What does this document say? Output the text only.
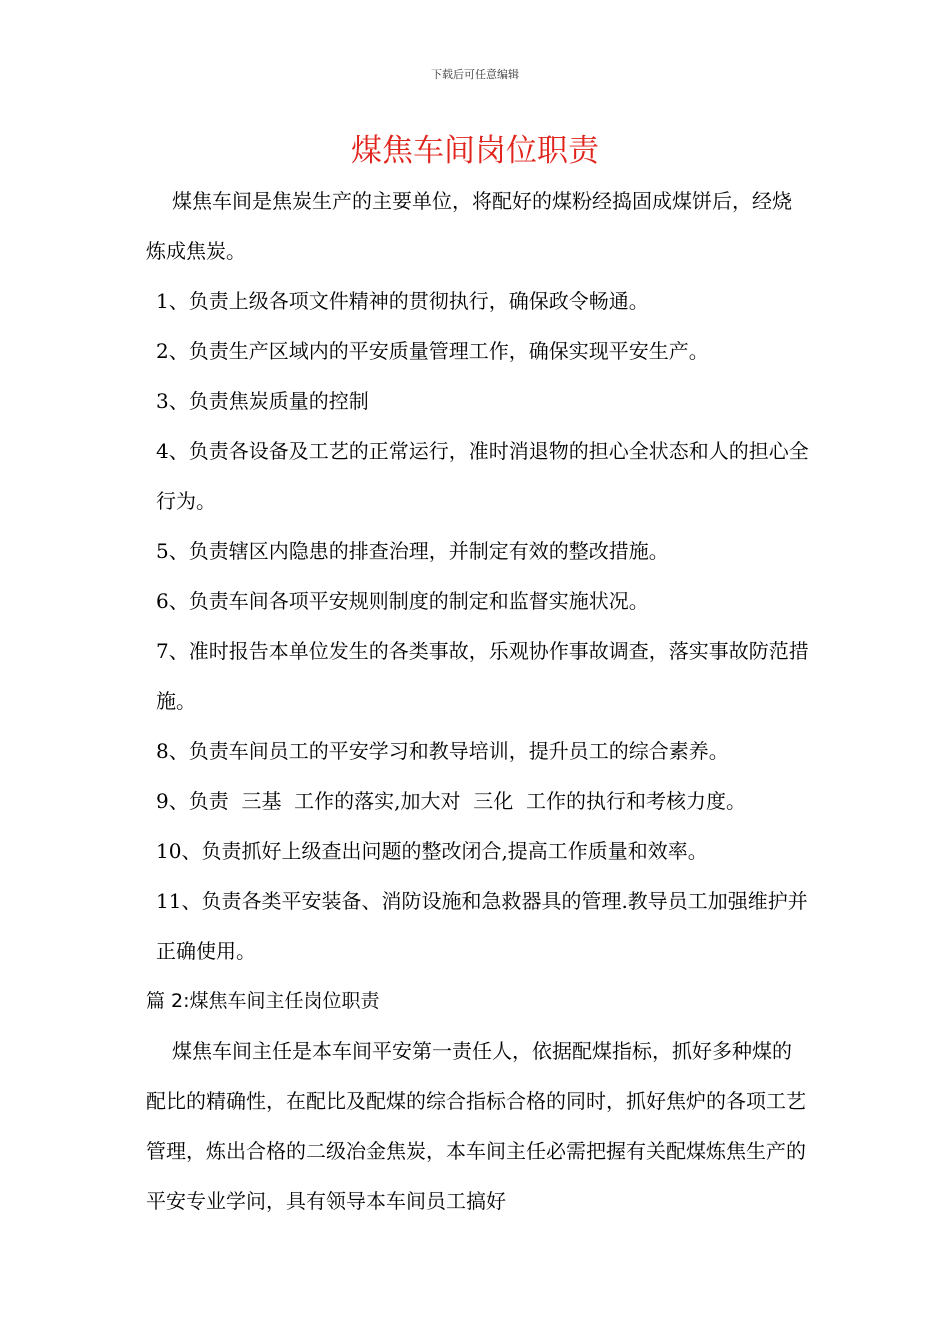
下载后可任意编辑
煤焦车间岗位职责

煤焦车间是焦炭生产的主要单位，将配好的煤粉经捣固成煤饼后，经烧炼成焦炭。

1、负责上级各项文件精神的贯彻执行，确保政令畅通。

2、负责生产区域内的平安质量管理工作，确保实现平安生产。

3、负责焦炭质量的控制

4、负责各设备及工艺的正常运行，准时消退物的担心全状态和人的担心全行为。

5、负责辖区内隐患的排查治理，并制定有效的整改措施。

6、负责车间各项平安规则制度的制定和监督实施状况。

7、准时报告本单位发生的各类事故，乐观协作事故调查，落实事故防范措施。

8、负责车间员工的平安学习和教导培训，提升员工的综合素养。

9、负责  三基  工作的落实,加大对  三化  工作的执行和考核力度。

10、负责抓好上级查出问题的整改闭合,提高工作质量和效率。

11、负责各类平安装备、消防设施和急救器具的管理.教导员工加强维护并正确使用。

篇 2:煤焦车间主任岗位职责

煤焦车间主任是本车间平安第一责任人，依据配煤指标，抓好多种煤的配比的精确性，在配比及配煤的综合指标合格的同时，抓好焦炉的各项工艺管理，炼出合格的二级冶金焦炭，本车间主任必需把握有关配煤炼焦生产的平安专业学问，具有领导本车间员工搞好
